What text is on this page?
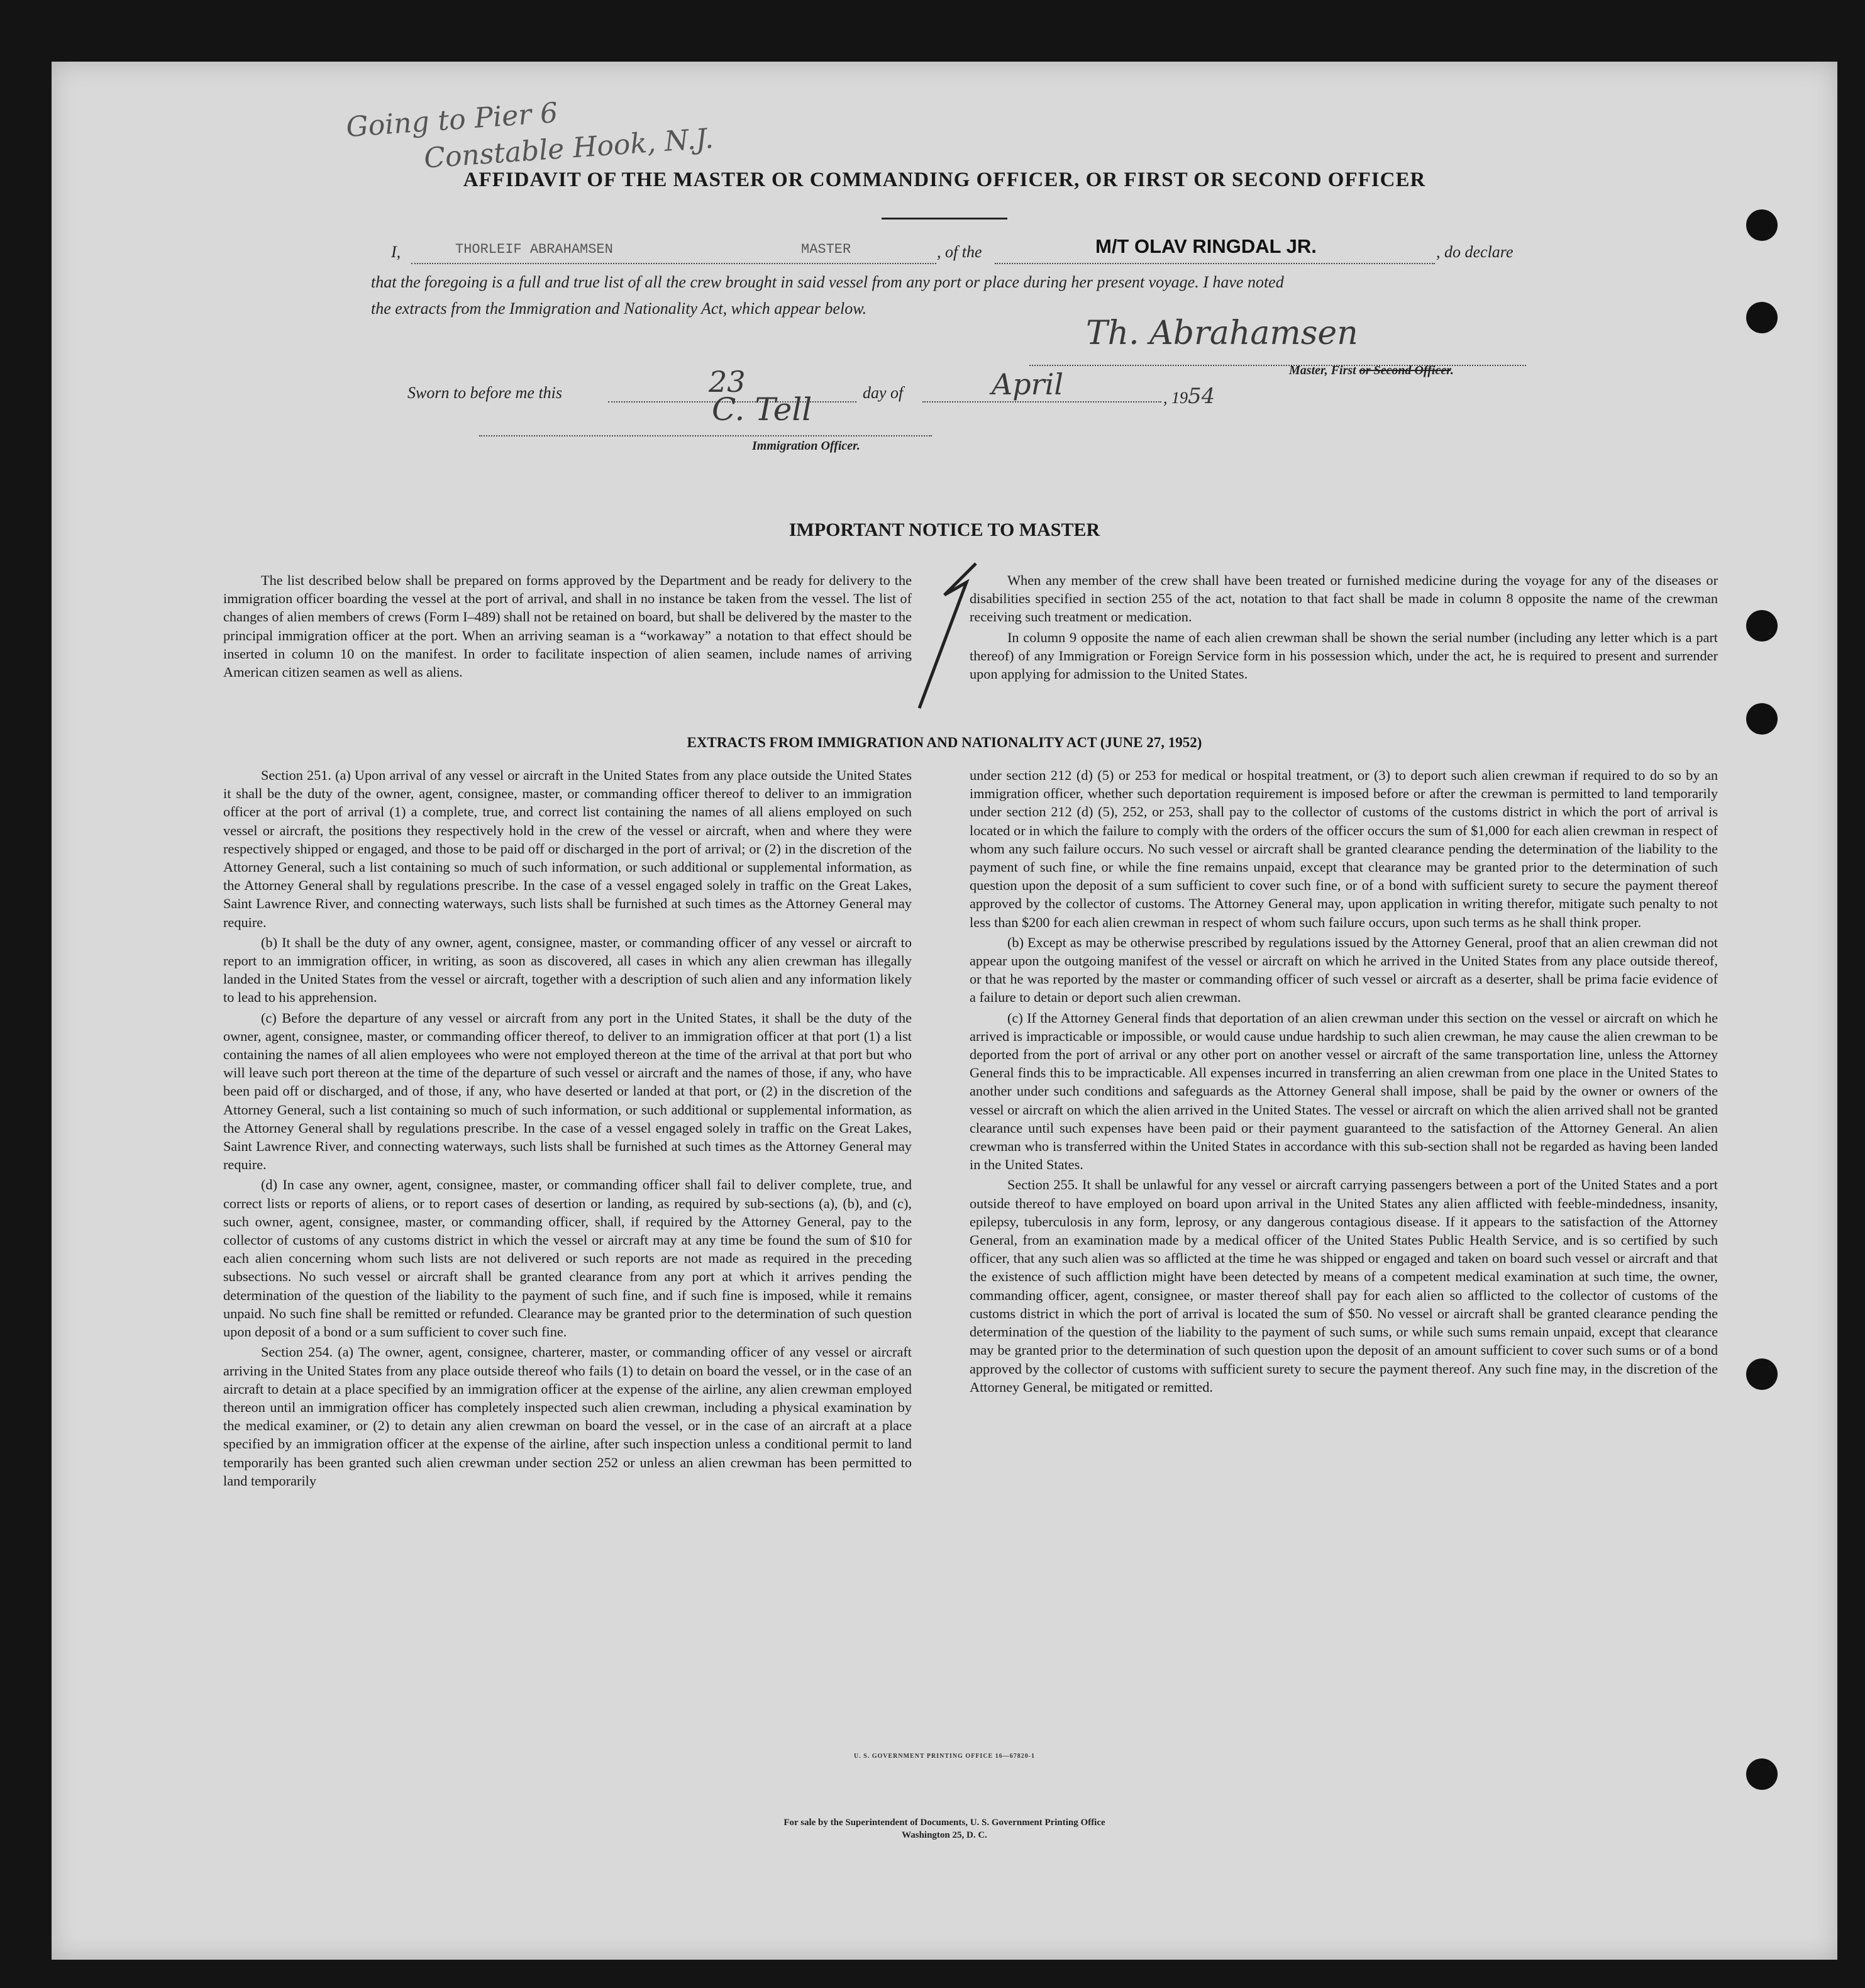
Going to Pier 6
Constable Hook, N.J.
AFFIDAVIT OF THE MASTER OR COMMANDING OFFICER, OR FIRST OR SECOND OFFICER
I,	THORLEIF ABRAHAMSEN	MASTER	, of the	M/T OLAV RINGDAL JR.	, do declare
that the foregoing is a full and true list of all the crew brought in said vessel from any port or place during her present voyage. I have noted
the extracts from the Immigration and Nationality Act, which appear below.
Th. Abrahamsen
Master, First or Second Officer.
Sworn to before me this	23	day of	April	, 1954
C. Tell
Immigration Officer.
IMPORTANT NOTICE TO MASTER

The list described below shall be prepared on forms approved by the Department and be ready for delivery to the immigration officer boarding the vessel at the port of arrival, and shall in no instance be taken from the vessel. The list of changes of alien members of crews (Form I–489) shall not be retained on board, but shall be delivered by the master to the principal immigration officer at the port. When an arriving seaman is a “workaway” a notation to that effect should be inserted in column 10 on the manifest. In order to facilitate inspection of alien seamen, include names of arriving American citizen seamen as well as aliens.

When any member of the crew shall have been treated or furnished medicine during the voyage for any of the diseases or disabilities specified in section 255 of the act, notation to that fact shall be made in column 8 opposite the name of the crewman receiving such treatment or medication.

In column 9 opposite the name of each alien crewman shall be shown the serial number (including any letter which is a part thereof) of any Immigration or Foreign Service form in his possession which, under the act, he is required to present and surrender upon applying for admission to the United States.

EXTRACTS FROM IMMIGRATION AND NATIONALITY ACT (JUNE 27, 1952)

Section 251. (a) Upon arrival of any vessel or aircraft in the United States from any place outside the United States it shall be the duty of the owner, agent, consignee, master, or commanding officer thereof to deliver to an immigration officer at the port of arrival (1) a complete, true, and correct list containing the names of all aliens employed on such vessel or aircraft, the positions they respectively hold in the crew of the vessel or aircraft, when and where they were respectively shipped or engaged, and those to be paid off or discharged in the port of arrival; or (2) in the discretion of the Attorney General, such a list containing so much of such information, or such additional or supplemental information, as the Attorney General shall by regulations prescribe. In the case of a vessel engaged solely in traffic on the Great Lakes, Saint Lawrence River, and connecting waterways, such lists shall be furnished at such times as the Attorney General may require.

(b) It shall be the duty of any owner, agent, consignee, master, or commanding officer of any vessel or aircraft to report to an immigration officer, in writing, as soon as discovered, all cases in which any alien crewman has illegally landed in the United States from the vessel or aircraft, together with a description of such alien and any information likely to lead to his apprehension.

(c) Before the departure of any vessel or aircraft from any port in the United States, it shall be the duty of the owner, agent, consignee, master, or commanding officer thereof, to deliver to an immigration officer at that port (1) a list containing the names of all alien employees who were not employed thereon at the time of the arrival at that port but who will leave such port thereon at the time of the departure of such vessel or aircraft and the names of those, if any, who have been paid off or discharged, and of those, if any, who have deserted or landed at that port, or (2) in the discretion of the Attorney General, such a list containing so much of such information, or such additional or supplemental information, as the Attorney General shall by regulations prescribe. In the case of a vessel engaged solely in traffic on the Great Lakes, Saint Lawrence River, and connecting waterways, such lists shall be furnished at such times as the Attorney General may require.

(d) In case any owner, agent, consignee, master, or commanding officer shall fail to deliver complete, true, and correct lists or reports of aliens, or to report cases of desertion or landing, as required by sub-sections (a), (b), and (c), such owner, agent, consignee, master, or commanding officer, shall, if required by the Attorney General, pay to the collector of customs of any customs district in which the vessel or aircraft may at any time be found the sum of $10 for each alien concerning whom such lists are not delivered or such reports are not made as required in the preceding subsections. No such vessel or aircraft shall be granted clearance from any port at which it arrives pending the determination of the question of the liability to the payment of such fine, and if such fine is imposed, while it remains unpaid. No such fine shall be remitted or refunded. Clearance may be granted prior to the determination of such question upon deposit of a bond or a sum sufficient to cover such fine.

Section 254. (a) The owner, agent, consignee, charterer, master, or commanding officer of any vessel or aircraft arriving in the United States from any place outside thereof who fails (1) to detain on board the vessel, or in the case of an aircraft to detain at a place specified by an immigration officer at the expense of the airline, any alien crewman employed thereon until an immigration officer has completely inspected such alien crewman, including a physical examination by the medical examiner, or (2) to detain any alien crewman on board the vessel, or in the case of an aircraft at a place specified by an immigration officer at the expense of the airline, after such inspection unless a conditional permit to land temporarily has been granted such alien crewman under section 252 or unless an alien crewman has been permitted to land temporarily

under section 212 (d) (5) or 253 for medical or hospital treatment, or (3) to deport such alien crewman if required to do so by an immigration officer, whether such deportation requirement is imposed before or after the crewman is permitted to land temporarily under section 212 (d) (5), 252, or 253, shall pay to the collector of customs of the customs district in which the port of arrival is located or in which the failure to comply with the orders of the officer occurs the sum of $1,000 for each alien crewman in respect of whom any such failure occurs. No such vessel or aircraft shall be granted clearance pending the determination of the liability to the payment of such fine, or while the fine remains unpaid, except that clearance may be granted prior to the determination of such question upon the deposit of a sum sufficient to cover such fine, or of a bond with sufficient surety to secure the payment thereof approved by the collector of customs. The Attorney General may, upon application in writing therefor, mitigate such penalty to not less than $200 for each alien crewman in respect of whom such failure occurs, upon such terms as he shall think proper.

(b) Except as may be otherwise prescribed by regulations issued by the Attorney General, proof that an alien crewman did not appear upon the outgoing manifest of the vessel or aircraft on which he arrived in the United States from any place outside thereof, or that he was reported by the master or commanding officer of such vessel or aircraft as a deserter, shall be prima facie evidence of a failure to detain or deport such alien crewman.

(c) If the Attorney General finds that deportation of an alien crewman under this section on the vessel or aircraft on which he arrived is impracticable or impossible, or would cause undue hardship to such alien crewman, he may cause the alien crewman to be deported from the port of arrival or any other port on another vessel or aircraft of the same transportation line, unless the Attorney General finds this to be impracticable. All expenses incurred in transferring an alien crewman from one place in the United States to another under such conditions and safeguards as the Attorney General shall impose, shall be paid by the owner or owners of the vessel or aircraft on which the alien arrived in the United States. The vessel or aircraft on which the alien arrived shall not be granted clearance until such expenses have been paid or their payment guaranteed to the satisfaction of the Attorney General. An alien crewman who is transferred within the United States in accordance with this sub-section shall not be regarded as having been landed in the United States.

Section 255. It shall be unlawful for any vessel or aircraft carrying passengers between a port of the United States and a port outside thereof to have employed on board upon arrival in the United States any alien afflicted with feeble-mindedness, insanity, epilepsy, tuberculosis in any form, leprosy, or any dangerous contagious disease. If it appears to the satisfaction of the Attorney General, from an examination made by a medical officer of the United States Public Health Service, and is so certified by such officer, that any such alien was so afflicted at the time he was shipped or engaged and taken on board such vessel or aircraft and that the existence of such affliction might have been detected by means of a competent medical examination at such time, the owner, commanding officer, agent, consignee, or master thereof shall pay for each alien so afflicted to the collector of customs of the customs district in which the port of arrival is located the sum of $50. No vessel or aircraft shall be granted clearance pending the determination of the question of the liability to the payment of such sums, or while such sums remain unpaid, except that clearance may be granted prior to the determination of such question upon the deposit of an amount sufficient to cover such sums or of a bond approved by the collector of customs with sufficient surety to secure the payment thereof. Any such fine may, in the discretion of the Attorney General, be mitigated or remitted.

U. S. GOVERNMENT PRINTING OFFICE 16—67820-1
For sale by the Superintendent of Documents, U. S. Government Printing Office
Washington 25, D. C.
